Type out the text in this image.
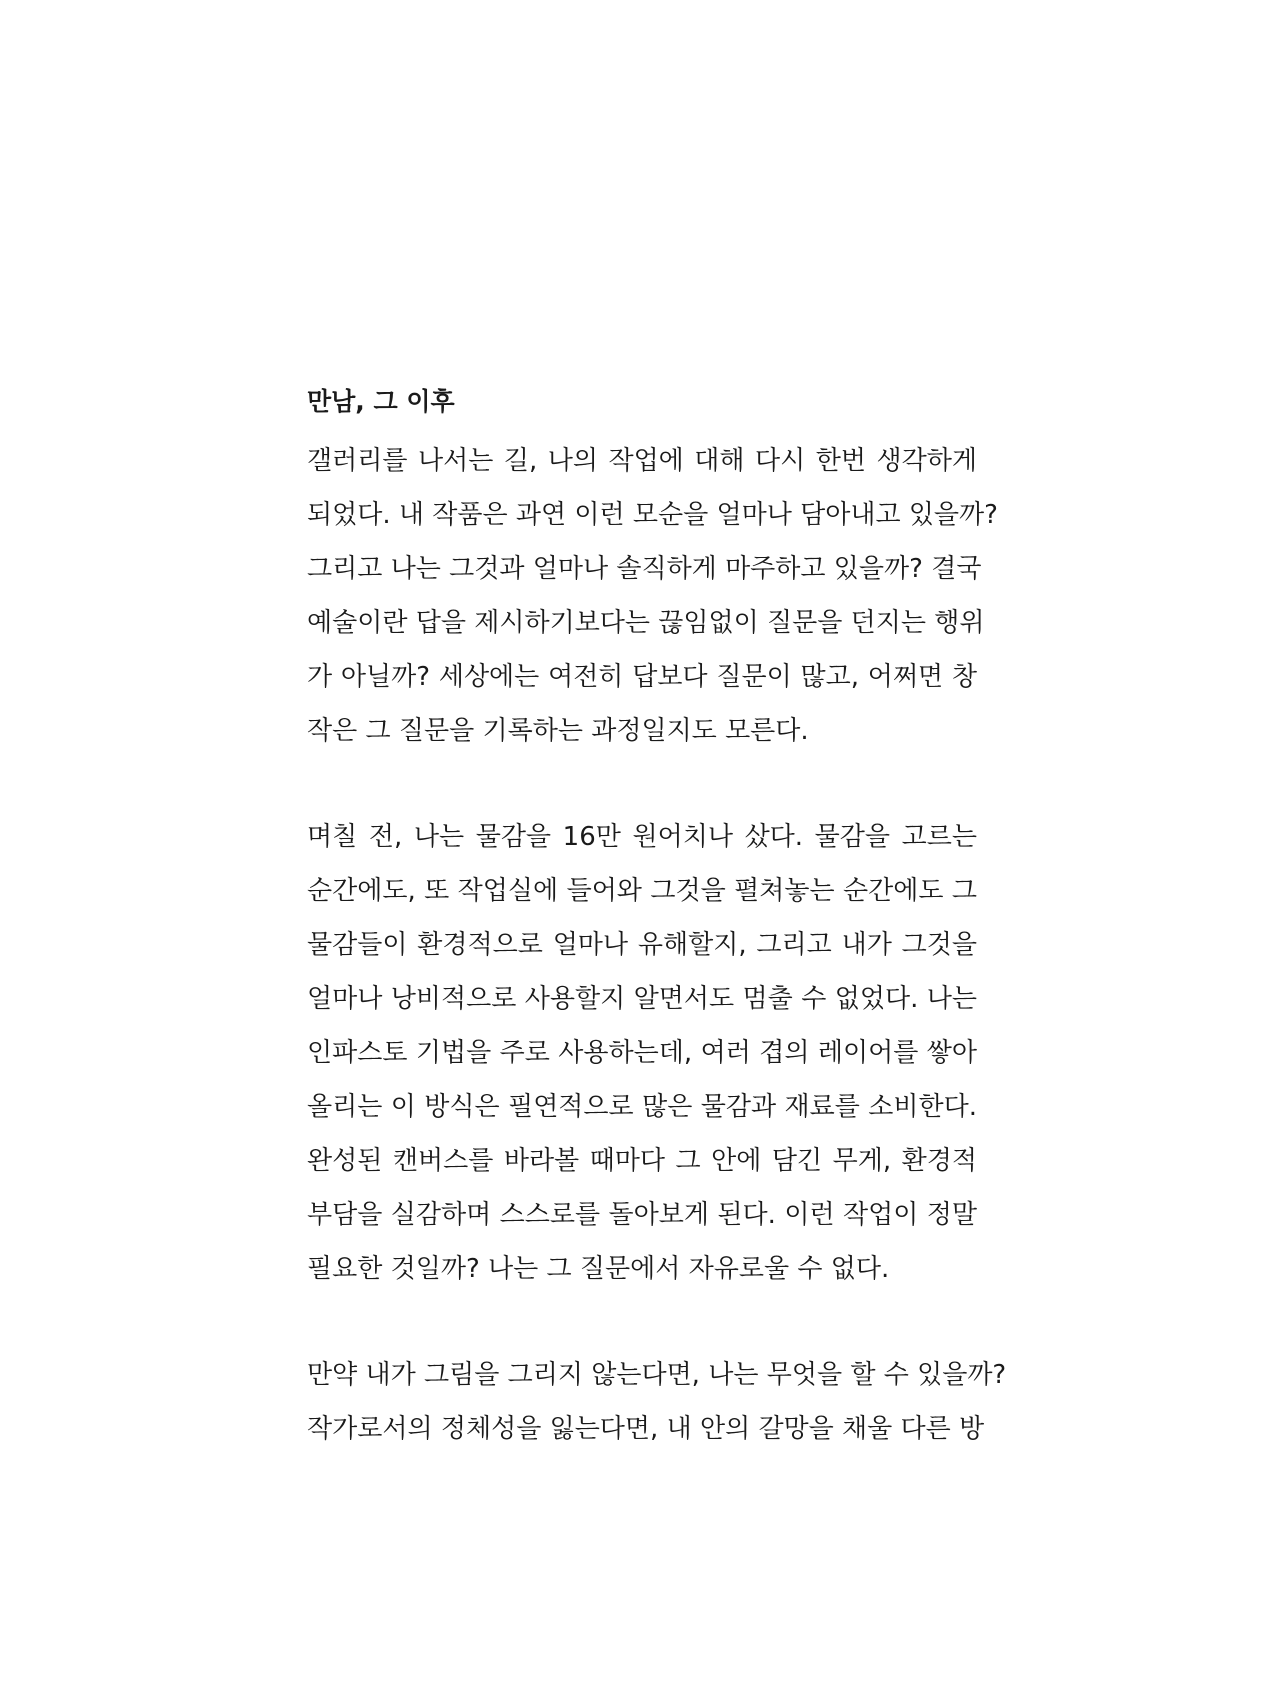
만남, 그 이후
갤러리를 나서는 길, 나의 작업에 대해 다시 한번 생각하게
되었다. 내 작품은 과연 이런 모순을 얼마나 담아내고 있을까?
그리고 나는 그것과 얼마나 솔직하게 마주하고 있을까? 결국
예술이란 답을 제시하기보다는 끊임없이 질문을 던지는 행위
가 아닐까? 세상에는 여전히 답보다 질문이 많고, 어쩌면 창
작은 그 질문을 기록하는 과정일지도 모른다.
며칠 전, 나는 물감을 16만 원어치나 샀다. 물감을 고르는
순간에도, 또 작업실에 들어와 그것을 펼쳐놓는 순간에도 그
물감들이 환경적으로 얼마나 유해할지, 그리고 내가 그것을
얼마나 낭비적으로 사용할지 알면서도 멈출 수 없었다. 나는
인파스토 기법을 주로 사용하는데, 여러 겹의 레이어를 쌓아
올리는 이 방식은 필연적으로 많은 물감과 재료를 소비한다.
완성된 캔버스를 바라볼 때마다 그 안에 담긴 무게, 환경적
부담을 실감하며 스스로를 돌아보게 된다. 이런 작업이 정말
필요한 것일까? 나는 그 질문에서 자유로울 수 없다.
만약 내가 그림을 그리지 않는다면, 나는 무엇을 할 수 있을까?
작가로서의 정체성을 잃는다면, 내 안의 갈망을 채울 다른 방
